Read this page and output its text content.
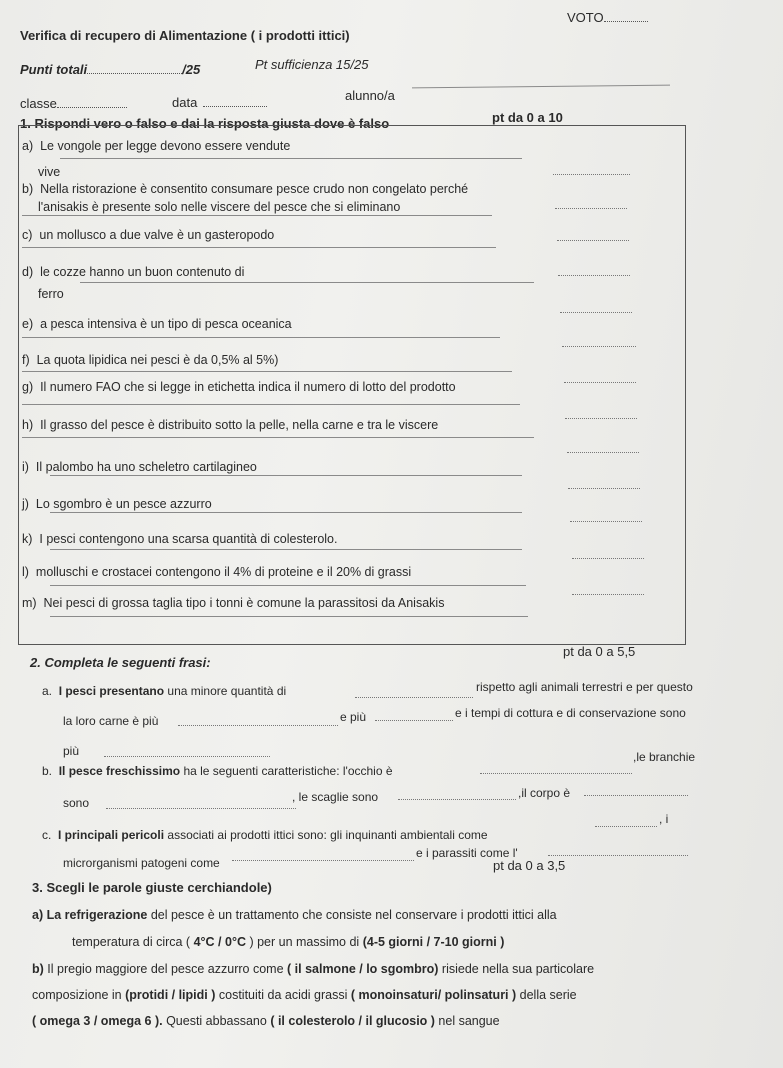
VOTO
Verifica di recupero di Alimentazione ( i prodotti ittici)
Punti totali	/25	Pt sufficienza 15/25
classe	data	alunno/a
1. Rispondi vero o falso e dai la risposta giusta dove è falso	pt da 0 a 10
a) Le vongole per legge devono essere vendute
vive
b) Nella ristorazione è consentito consumare pesce crudo non congelato perché
l'anisakis è presente solo nelle viscere del pesce che si eliminano
c) un mollusco a due valve è un gasteropodo
d) le cozze hanno un buon contenuto di
ferro
e) a pesca intensiva è un tipo di pesca oceanica
f) La quota lipidica nei pesci è da 0,5% al 5%)
g) Il numero FAO che si legge in etichetta indica il numero di lotto del prodotto
h) Il grasso del pesce è distribuito sotto la pelle, nella carne e tra le viscere
i) Il palombo ha uno scheletro cartilagineo
j) Lo sgombro è un pesce azzurro
k) I pesci contengono una scarsa quantità di colesterolo.
l) molluschi e crostacei contengono il 4% di proteine e il 20% di grassi
m) Nei pesci di grossa taglia tipo i tonni è comune la parassitosi da Anisakis
2. Completa le seguenti frasi:
pt da 0 a 5,5
a. I pesci presentano una minore quantità di	rispetto agli animali terrestri e per questo
la loro carne è più	e più	e i tempi di cottura e di conservazione sono
più
b. Il pesce freschissimo ha le seguenti caratteristiche: l'occhio è
,le branchie
sono	, le scaglie sono	,il corpo è
c. I principali pericoli associati ai prodotti ittici sono: gli inquinanti ambientali come
, i
microrganismi patogeni come
e i parassiti come l'
3. Scegli le parole giuste cerchiandole)
pt da 0 a 3,5
a) La refrigerazione del pesce è un trattamento che consiste nel conservare i prodotti ittici alla
temperatura di circa ( 4°C / 0°C ) per un massimo di (4-5 giorni / 7-10 giorni )
b) Il pregio maggiore del pesce azzurro come ( il salmone / lo sgombro) risiede nella sua particolare
composizione in (protidi / lipidi ) costituiti da acidi grassi ( monoinsaturi/ polinsaturi ) della serie
( omega 3 / omega 6 ). Questi abbassano ( il colesterolo / il glucosio ) nel sangue
